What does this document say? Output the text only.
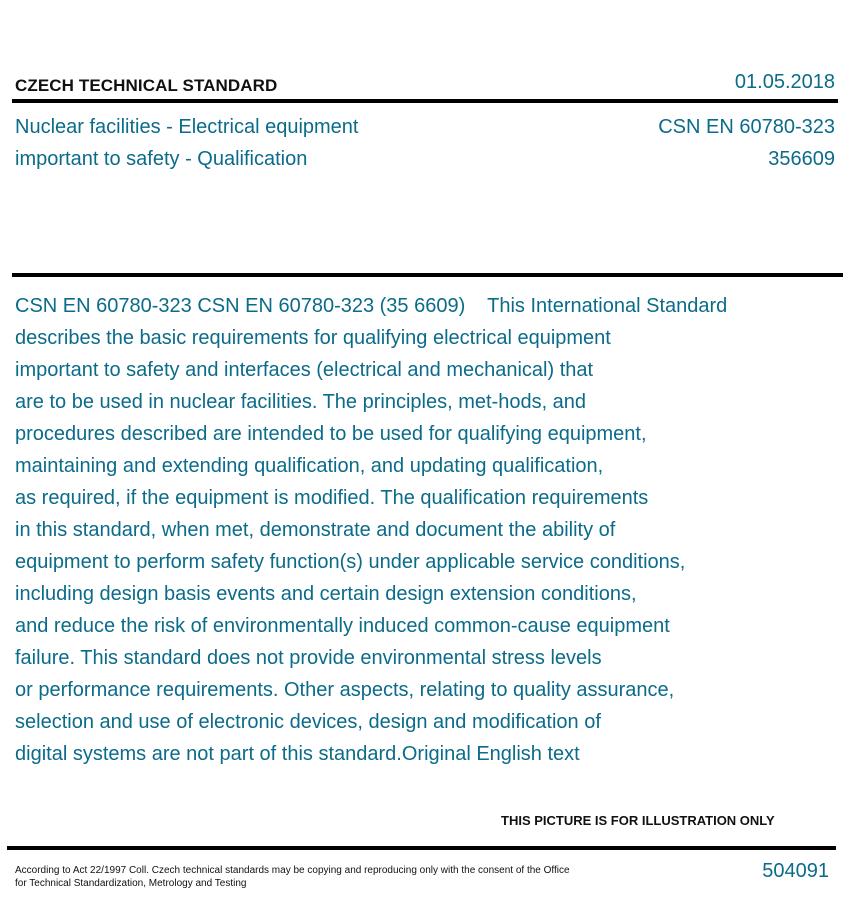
CZECH TECHNICAL STANDARD	01.05.2018
Nuclear facilities - Electrical equipment
important to safety - Qualification
CSN EN 60780-323
356609
CSN EN 60780-323 CSN EN 60780-323 (35 6609)    This International Standard
describes the basic requirements for qualifying electrical equipment
important to safety and interfaces (electrical and mechanical) that
are to be used in nuclear facilities. The principles, met-hods, and
procedures described are intended to be used for qualifying equipment,
maintaining and extending qualification, and updating qualification,
as required, if the equipment is modified. The qualification requirements
in this standard, when met, demonstrate and document the ability of
equipment to perform safety function(s) under applicable service conditions,
including design basis events and certain design extension conditions,
and reduce the risk of environmentally induced common-cause equipment
failure. This standard does not provide environmental stress levels
or performance requirements. Other aspects, relating to quality assurance,
selection and use of electronic devices, design and modification of
digital systems are not part of this standard.Original English text
THIS PICTURE IS FOR ILLUSTRATION ONLY
According to Act 22/1997 Coll. Czech technical standards may be copying and reproducing only with the consent of the Office
for Technical Standardization, Metrology and Testing
504091
